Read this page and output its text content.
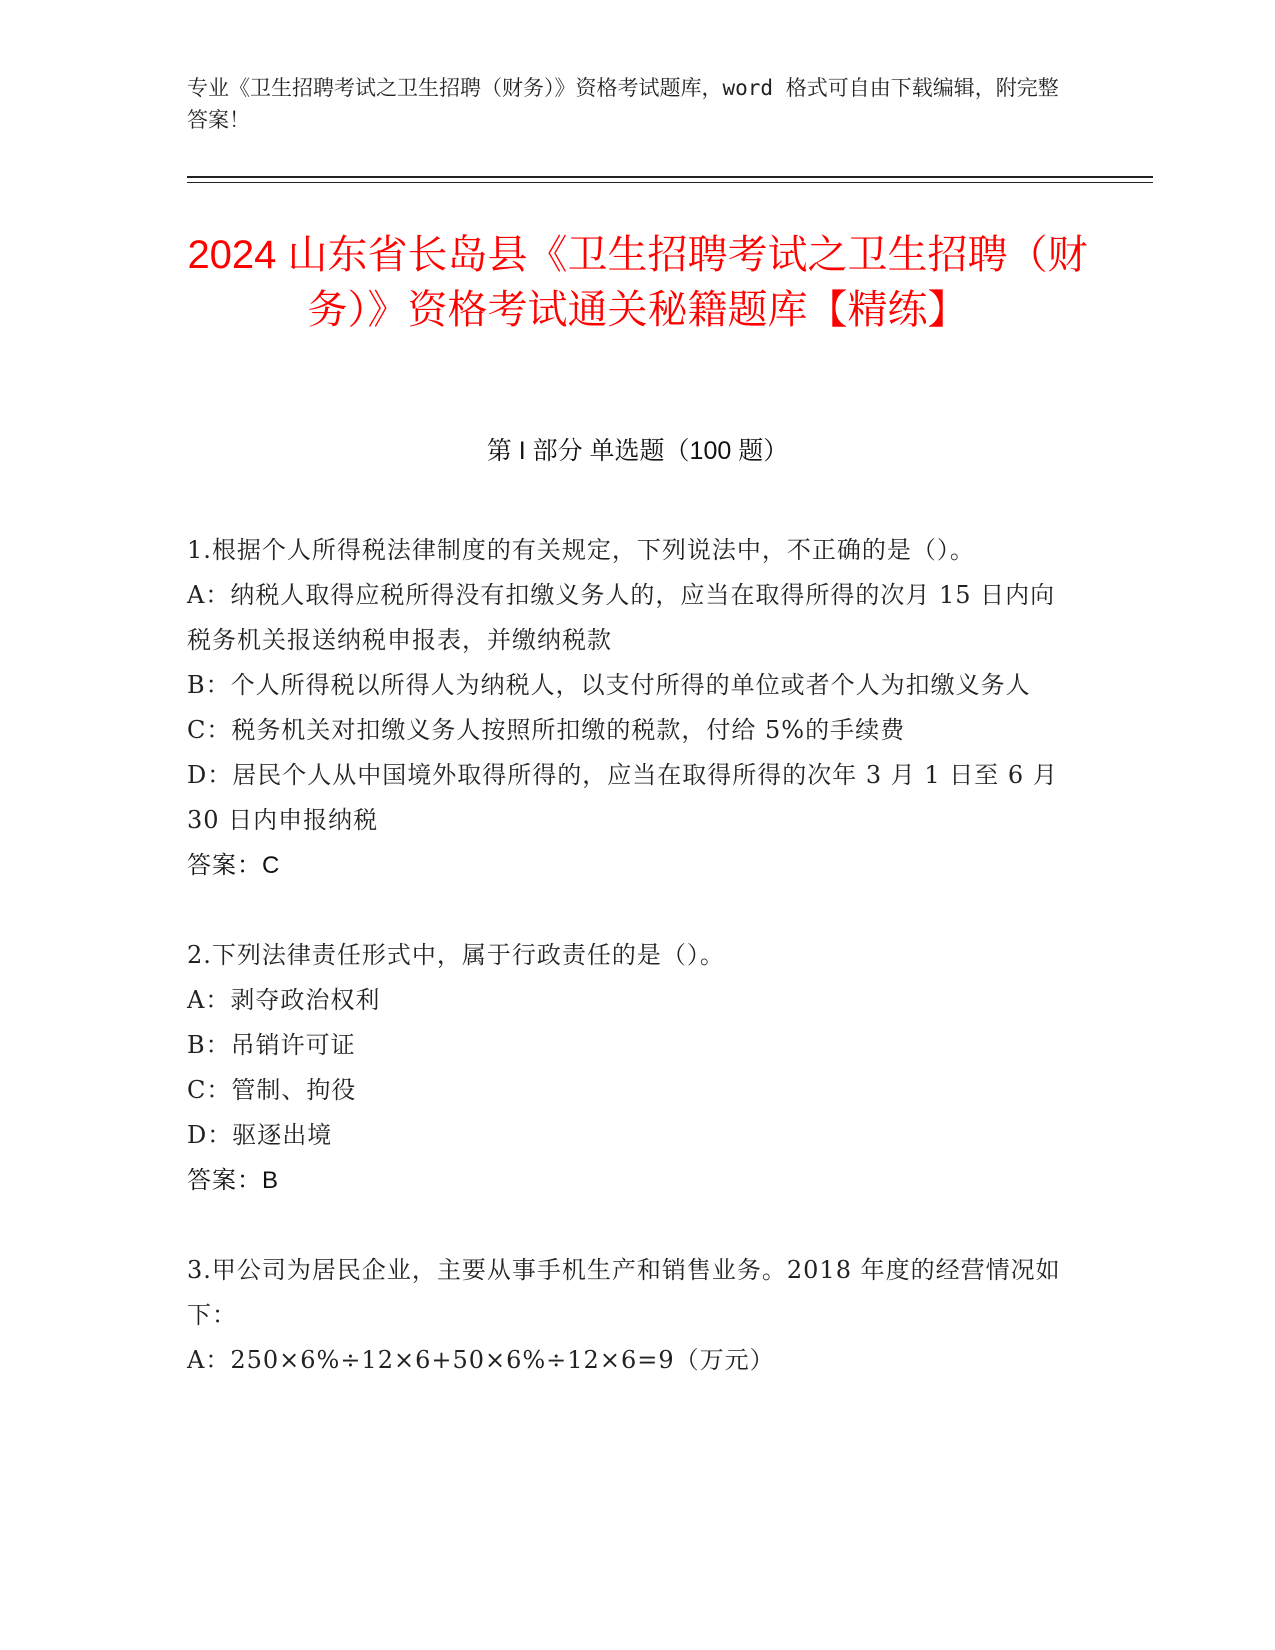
专业《卫生招聘考试之卫生招聘（财务）》资格考试题库，word 格式可自由下载编辑，附完整答案！
2024 山东省长岛县《卫生招聘考试之卫生招聘（财务）》资格考试通关秘籍题库【精练】
第 I 部分 单选题（100 题）

1.根据个人所得税法律制度的有关规定，下列说法中，不正确的是（）。

A：纳税人取得应税所得没有扣缴义务人的，应当在取得所得的次月 15 日内向税务机关报送纳税申报表，并缴纳税款

B：个人所得税以所得人为纳税人，以支付所得的单位或者个人为扣缴义务人

C：税务机关对扣缴义务人按照所扣缴的税款，付给 5%的手续费

D：居民个人从中国境外取得所得的，应当在取得所得的次年 3 月 1 日至 6 月 30 日内申报纳税

答案：C

2.下列法律责任形式中，属于行政责任的是（）。

A：剥夺政治权利

B：吊销许可证

C：管制、拘役

D：驱逐出境

答案：B

3.甲公司为居民企业，主要从事手机生产和销售业务。2018 年度的经营情况如下：

A：250×6%÷12×6+50×6%÷12×6=9（万元）
